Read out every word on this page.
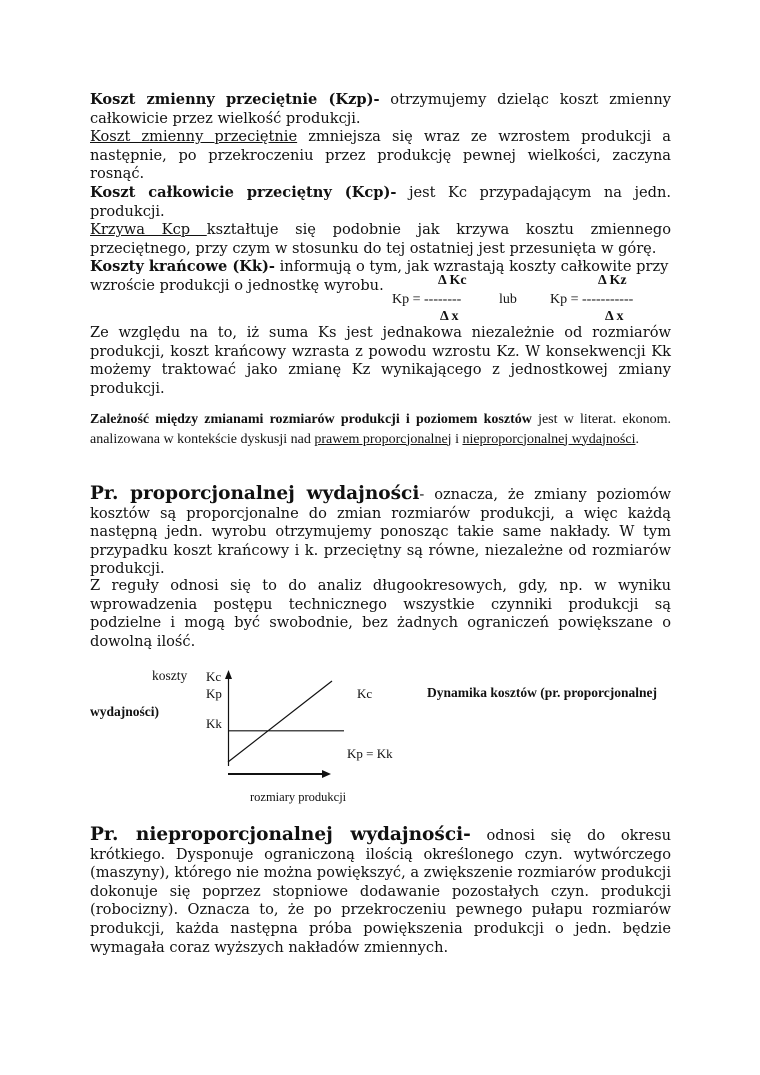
Koszt zmienny przeciętnie (Kzp)- otrzymujemy dzieląc koszt zmienny całkowicie przez wielkość produkcji.
Koszt zmienny przeciętnie zmniejsza się wraz ze wzrostem produkcji a następnie, po przekroczeniu przez produkcję pewnej wielkości, zaczyna rosnąć.
Koszt całkowicie przeciętny (Kcp)- jest Kc przypadającym na jedn. produkcji.
Krzywa Kcp kształtuje się podobnie jak krzywa kosztu zmiennego przeciętnego, przy czym w stosunku do tej ostatniej jest przesunięta w górę.
Koszty krańcowe (Kk)- informują o tym, jak wzrastają koszty całkowite przy wzroście produkcji o jednostkę wyrobu.	Δ Kc
Kp = --------
Δ x
lub
Δ Kz
Kp = -----------
Δ x
Ze względu na to, iż suma Ks jest jednakowa niezależnie od rozmiarów produkcji, koszt krańcowy wzrasta z powodu wzrostu Kz. W konsekwencji Kk możemy traktować jako zmianę Kz wynikającego z jednostkowej zmiany produkcji.
Zależność między zmianami rozmiarów produkcji i poziomem kosztów jest w literat. ekonom. analizowana w kontekście dyskusji nad prawem proporcjonalnej i nieproporcjonalnej wydajności.
Pr. proporcjonalnej wydajności- oznacza, że zmiany poziomów kosztów są proporcjonalne do zmian rozmiarów produkcji, a więc każdą następną jedn. wyrobu otrzymujemy ponosząc takie same nakłady. W tym przypadku koszt krańcowy i k. przeciętny są równe, niezależne od rozmiarów produkcji.
Z reguły odnosi się to do analiz długookresowych, gdy, np. w wyniku wprowadzenia postępu technicznego wszystkie czynniki produkcji są podzielne i mogą być swobodnie, bez żadnych ograniczeń powiększane o dowolną ilość.
koszty Kc
Kp
Kk
Kc
Kp = Kk
rozmiary produkcji
Dynamika kosztów (pr. proporcjonalnej
wydajności)
Pr. nieproporcjonalnej wydajności- odnosi się do okresu krótkiego. Dysponuje ograniczoną ilością określonego czyn. wytwórczego (maszyny), którego nie można powiększyć, a zwiększenie rozmiarów produkcji dokonuje się poprzez stopniowe dodawanie pozostałych czyn. produkcji (robocizny). Oznacza to, że po przekroczeniu pewnego pułapu rozmiarów produkcji, każda następna próba powiększenia produkcji o jedn. będzie wymagała coraz wyższych nakładów zmiennych.
